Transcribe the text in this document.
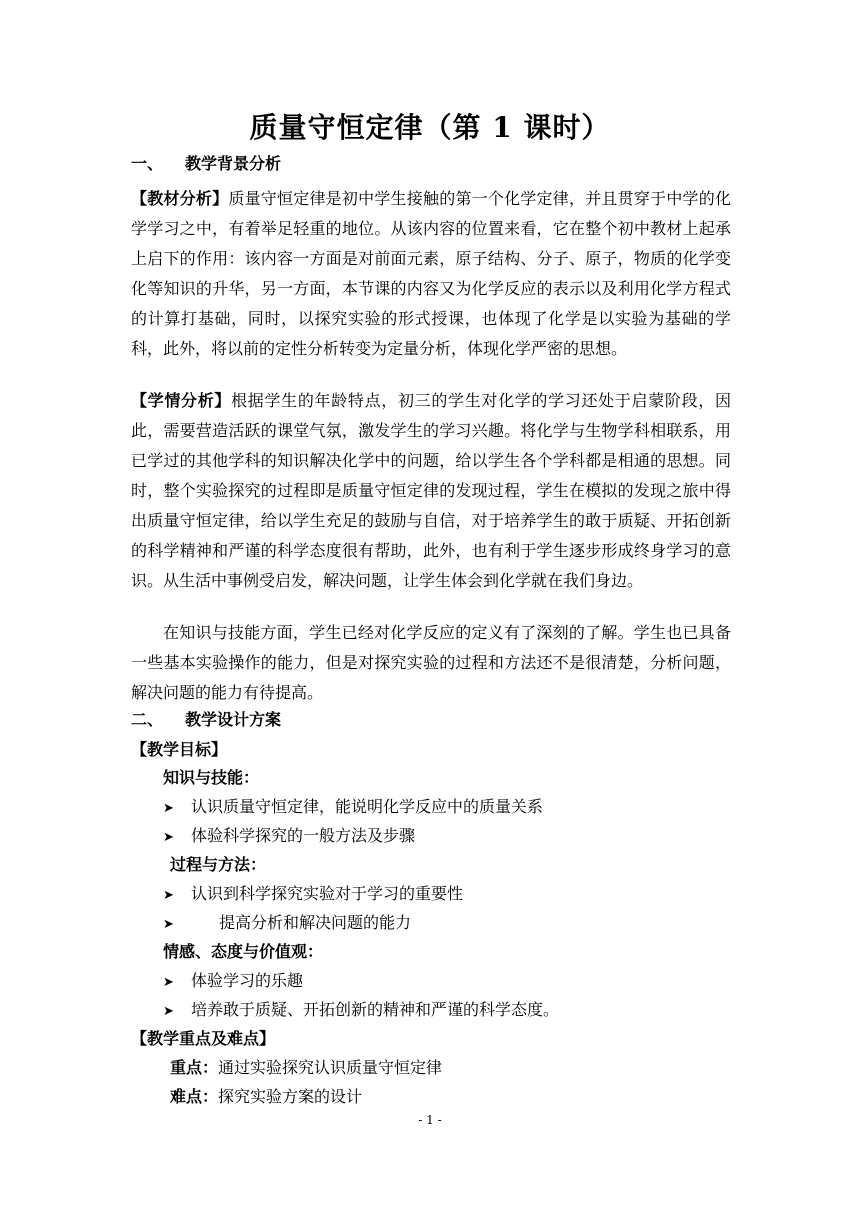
质量守恒定律（第 1 课时）

一、 教学背景分析

【教材分析】质量守恒定律是初中学生接触的第一个化学定律，并且贯穿于中学的化学学习之中，有着举足轻重的地位。从该内容的位置来看，它在整个初中教材上起承上启下的作用：该内容一方面是对前面元素，原子结构、分子、原子，物质的化学变化等知识的升华，另一方面，本节课的内容又为化学反应的表示以及利用化学方程式的计算打基础，同时，以探究实验的形式授课，也体现了化学是以实验为基础的学科，此外，将以前的定性分析转变为定量分析，体现化学严密的思想。

【学情分析】根据学生的年龄特点，初三的学生对化学的学习还处于启蒙阶段，因此，需要营造活跃的课堂气氛，激发学生的学习兴趣。将化学与生物学科相联系，用已学过的其他学科的知识解决化学中的问题，给以学生各个学科都是相通的思想。同时，整个实验探究的过程即是质量守恒定律的发现过程，学生在模拟的发现之旅中得出质量守恒定律，给以学生充足的鼓励与自信，对于培养学生的敢于质疑、开拓创新的科学精神和严谨的科学态度很有帮助，此外，也有利于学生逐步形成终身学习的意识。从生活中事例受启发，解决问题，让学生体会到化学就在我们身边。

在知识与技能方面，学生已经对化学反应的定义有了深刻的了解。学生也已具备一些基本实验操作的能力，但是对探究实验的过程和方法还不是很清楚，分析问题，解决问题的能力有待提高。

二、 教学设计方案

【教学目标】

知识与技能：

➤ 认识质量守恒定律，能说明化学反应中的质量关系

➤ 体验科学探究的一般方法及步骤

过程与方法：

➤ 认识到科学探究实验对于学习的重要性

➤	提高分析和解决问题的能力

情感、态度与价值观：

➤ 体验学习的乐趣

➤ 培养敢于质疑、开拓创新的精神和严谨的科学态度。

【教学重点及难点】

重点：通过实验探究认识质量守恒定律

难点：探究实验方案的设计

- 1 -
